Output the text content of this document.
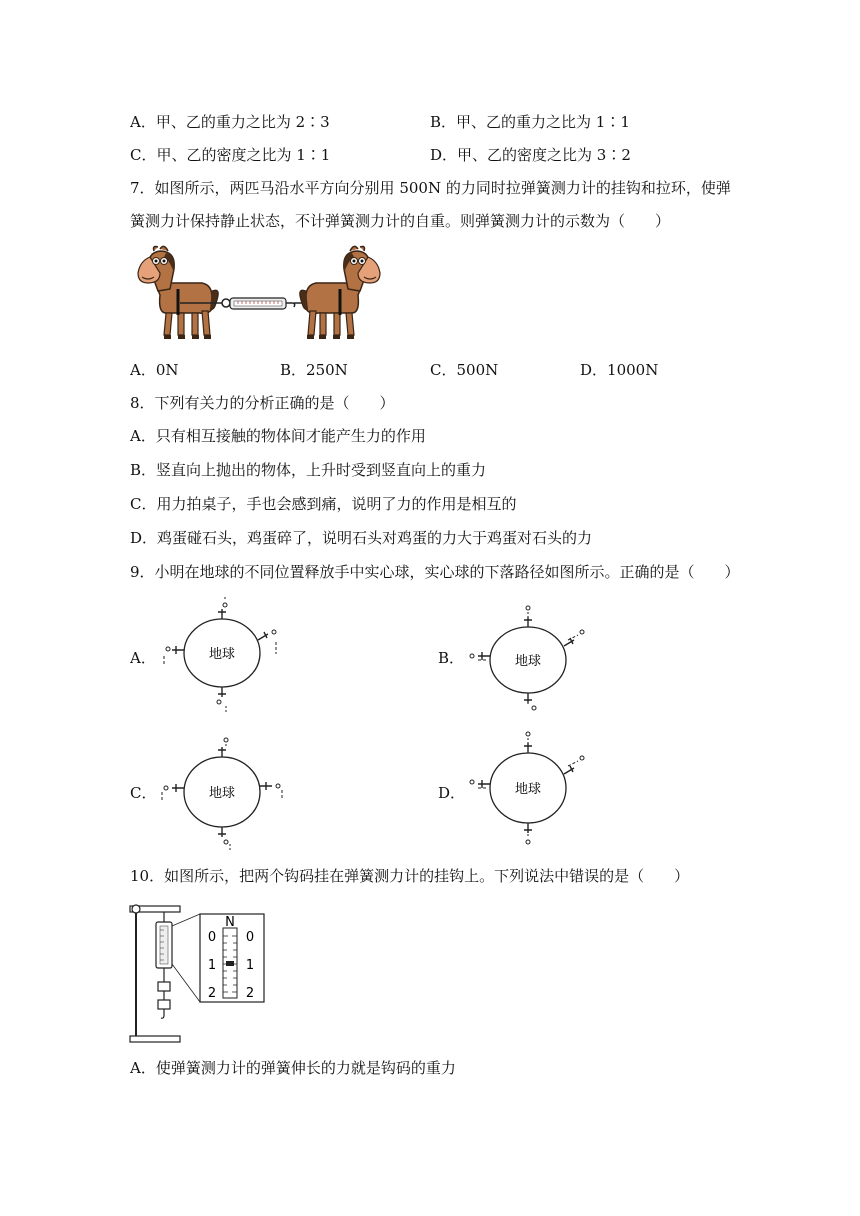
A．甲、乙的重力之比为 2∶3	B．甲、乙的重力之比为 1∶1
C．甲、乙的密度之比为 1∶1	D．甲、乙的密度之比为 3∶2
7．如图所示，两匹马沿水平方向分别用 500N 的力同时拉弹簧测力计的挂钩和拉环，使弹
簧测力计保持静止状态，不计弹簧测力计的自重。则弹簧测力计的示数为（　　）
A．0N	B．250N	C．500N	D．1000N
8．下列有关力的分析正确的是（　　）
A．只有相互接触的物体间才能产生力的作用
B．竖直向上抛出的物体，上升时受到竖直向上的重力
C．用力拍桌子，手也会感到痛，说明了力的作用是相互的
D．鸡蛋碰石头，鸡蛋碎了，说明石头对鸡蛋的力大于鸡蛋对石头的力
9．小明在地球的不同位置释放手中实心球，实心球的下落路径如图所示。正确的是（　　）
A．	地球	B．	地球
C．	地球	D．	地球
10．如图所示，把两个钩码挂在弹簧测力计的挂钩上。下列说法中错误的是（　　）
N
0
1
2
0
1
2
A．使弹簧测力计的弹簧伸长的力就是钩码的重力
